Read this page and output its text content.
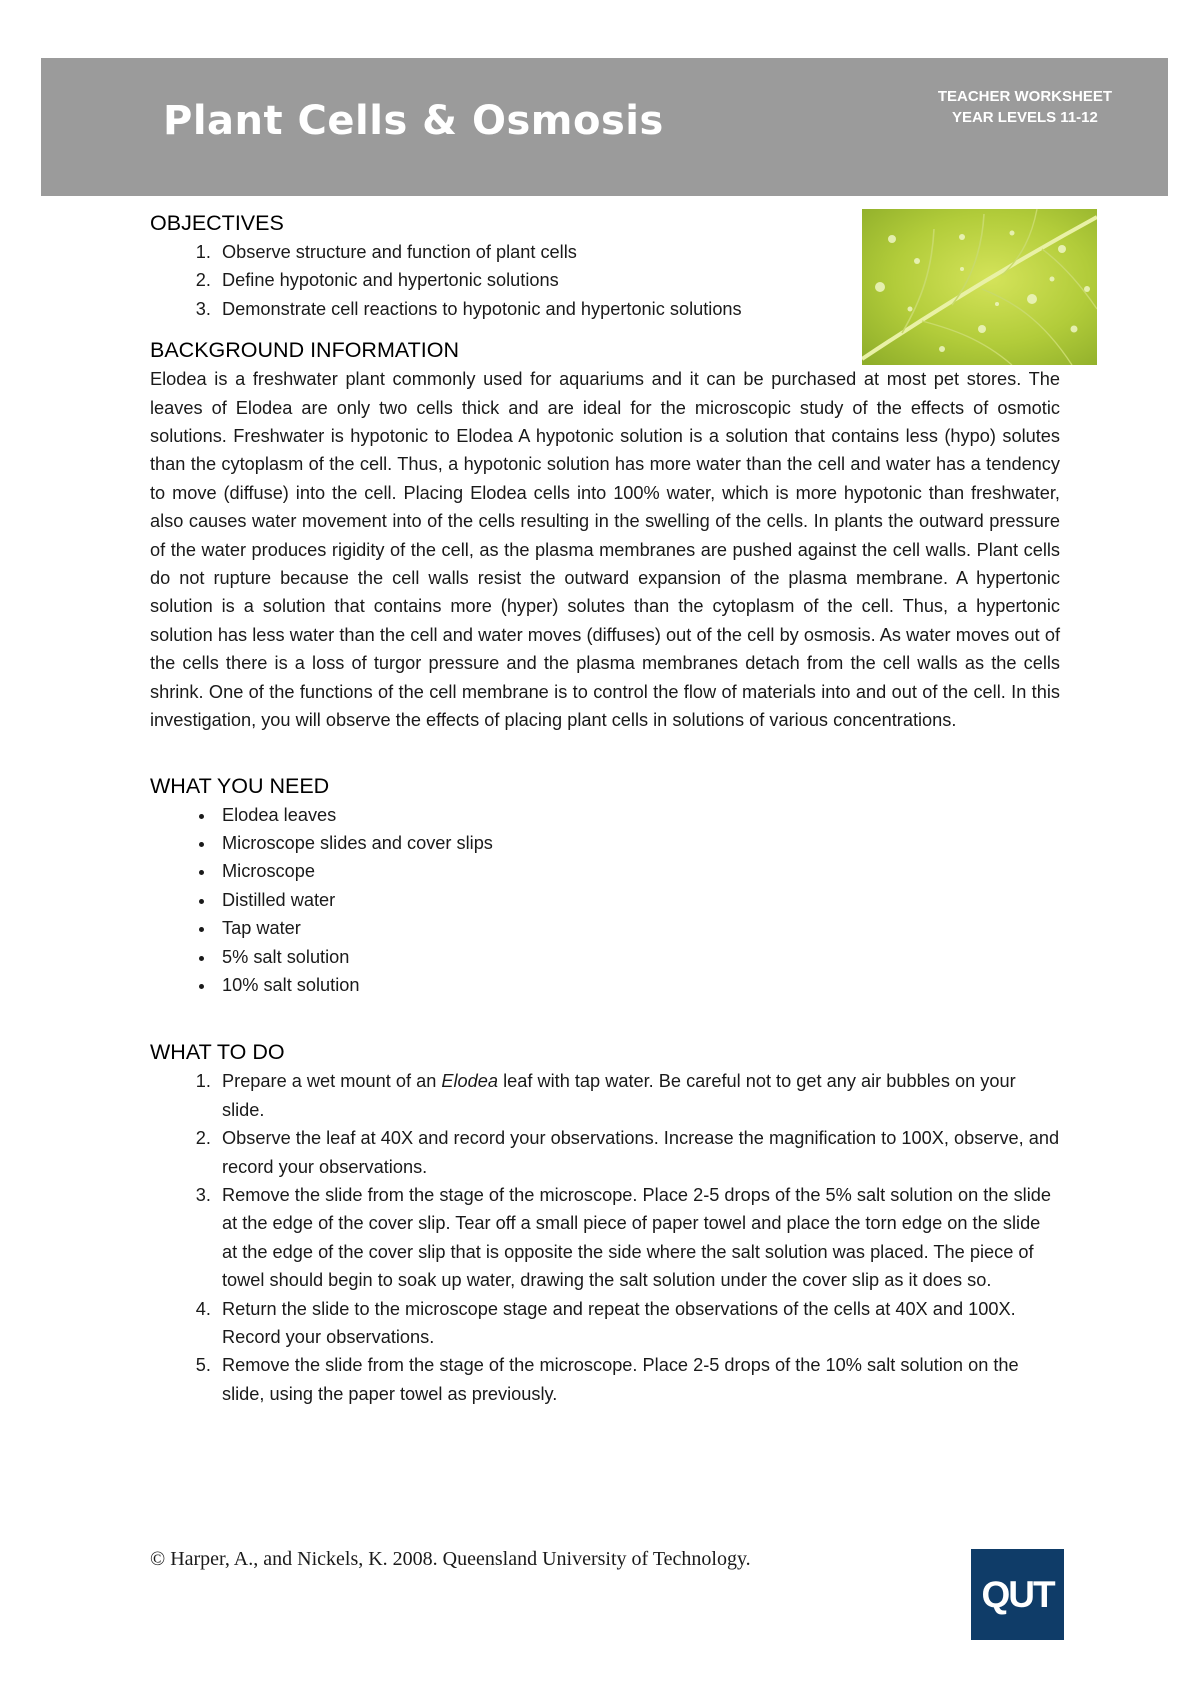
Plant Cells & Osmosis
TEACHER WORKSHEET
YEAR LEVELS 11-12
OBJECTIVES
1. Observe structure and function of plant cells
2. Define hypotonic and hypertonic solutions
3. Demonstrate cell reactions to hypotonic and hypertonic solutions
BACKGROUND INFORMATION

Elodea is a freshwater plant commonly used for aquariums and it can be purchased at most pet stores. The leaves of Elodea are only two cells thick and are ideal for the microscopic study of the effects of osmotic solutions. Freshwater is hypotonic to Elodea A hypotonic solution is a solution that contains less (hypo) solutes than the cytoplasm of the cell. Thus, a hypotonic solution has more water than the cell and water has a tendency to move (diffuse) into the cell. Placing Elodea cells into 100% water, which is more hypotonic than freshwater, also causes water movement into of the cells resulting in the swelling of the cells. In plants the outward pressure of the water produces rigidity of the cell, as the plasma membranes are pushed against the cell walls. Plant cells do not rupture because the cell walls resist the outward expansion of the plasma membrane. A hypertonic solution is a solution that contains more (hyper) solutes than the cytoplasm of the cell. Thus, a hypertonic solution has less water than the cell and water moves (diffuses) out of the cell by osmosis. As water moves out of the cells there is a loss of turgor pressure and the plasma membranes detach from the cell walls as the cells shrink. One of the functions of the cell membrane is to control the flow of materials into and out of the cell. In this investigation, you will observe the effects of placing plant cells in solutions of various concentrations.

WHAT YOU NEED
• Elodea leaves
• Microscope slides and cover slips
• Microscope
• Distilled water
• Tap water
• 5% salt solution
• 10% salt solution
WHAT TO DO
1. Prepare a wet mount of an Elodea leaf with tap water. Be careful not to get any air bubbles on your slide.
2. Observe the leaf at 40X and record your observations. Increase the magnification to 100X, observe, and record your observations.
3. Remove the slide from the stage of the microscope. Place 2-5 drops of the 5% salt solution on the slide at the edge of the cover slip. Tear off a small piece of paper towel and place the torn edge on the slide at the edge of the cover slip that is opposite the side where the salt solution was placed. The piece of towel should begin to soak up water, drawing the salt solution under the cover slip as it does so.
4. Return the slide to the microscope stage and repeat the observations of the cells at 40X and 100X. Record your observations.
5. Remove the slide from the stage of the microscope. Place 2-5 drops of the 10% salt solution on the slide, using the paper towel as previously.
© Harper, A., and Nickels, K. 2008. Queensland University of Technology.
QUT
